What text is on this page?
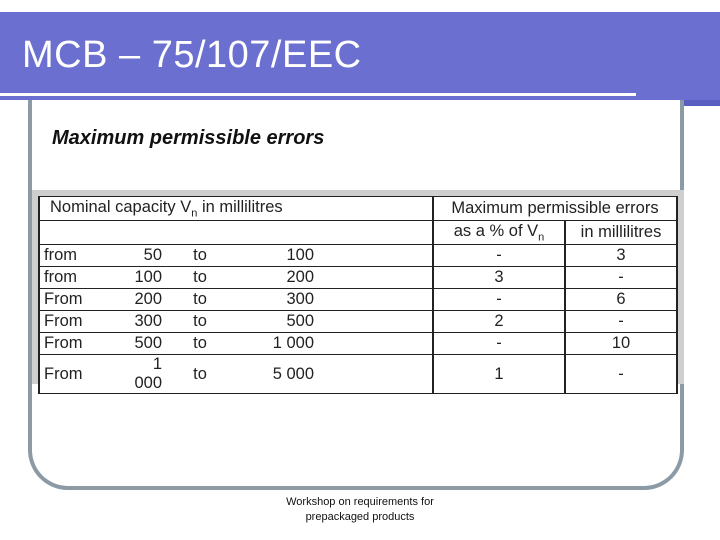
MCB – 75/107/EEC
Maximum permissible errors
Nominal capacity $V_n$ in millilitres				Maximum permissible errors	
				as a % of $V_n$	in millilitres
from	50	to	100	-	3
from	100	to	200	3	-
From	200	to	300	-	6
From	300	to	500	2	-
From	500	to	1 000	-	10
From	1 000	to	5 000	1	-
Workshop on requirements for
prepackaged products
